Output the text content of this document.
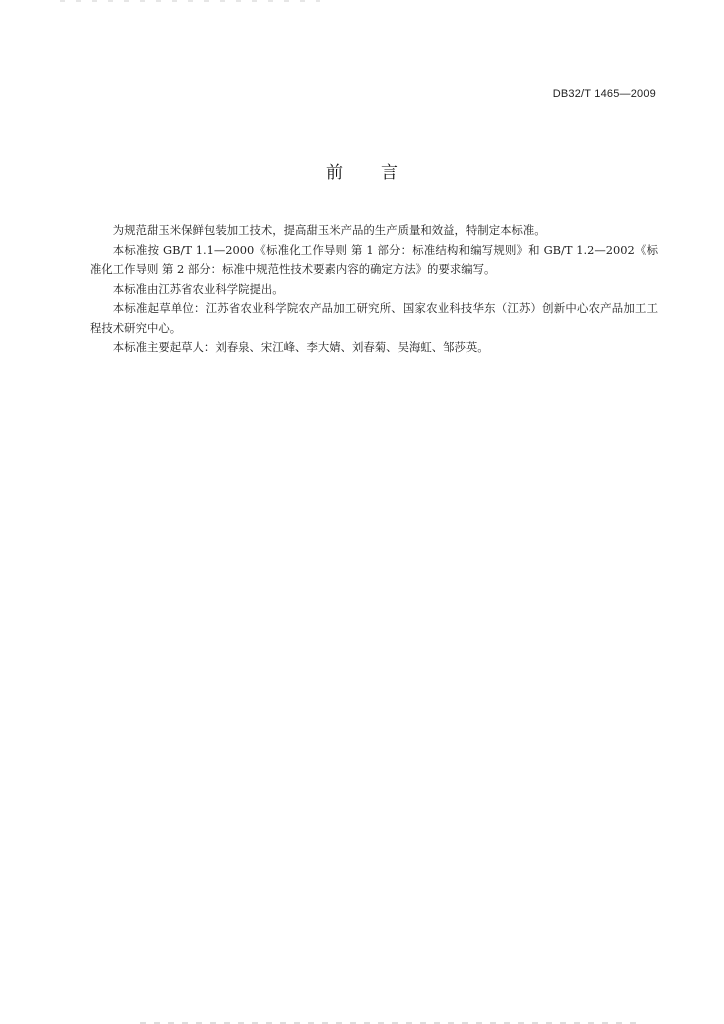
DB32/T 1465—2009
前言

为规范甜玉米保鲜包装加工技术，提高甜玉米产品的生产质量和效益，特制定本标准。

本标准按 GB/T 1.1—2000《标准化工作导则 第 1 部分：标准结构和编写规则》和 GB/T 1.2—2002《标准化工作导则 第 2 部分：标准中规范性技术要素内容的确定方法》的要求编写。

本标准由江苏省农业科学院提出。

本标准起草单位：江苏省农业科学院农产品加工研究所、国家农业科技华东（江苏）创新中心农产品加工工程技术研究中心。

本标准主要起草人：刘春泉、宋江峰、李大婧、刘春菊、吴海虹、邹莎英。
